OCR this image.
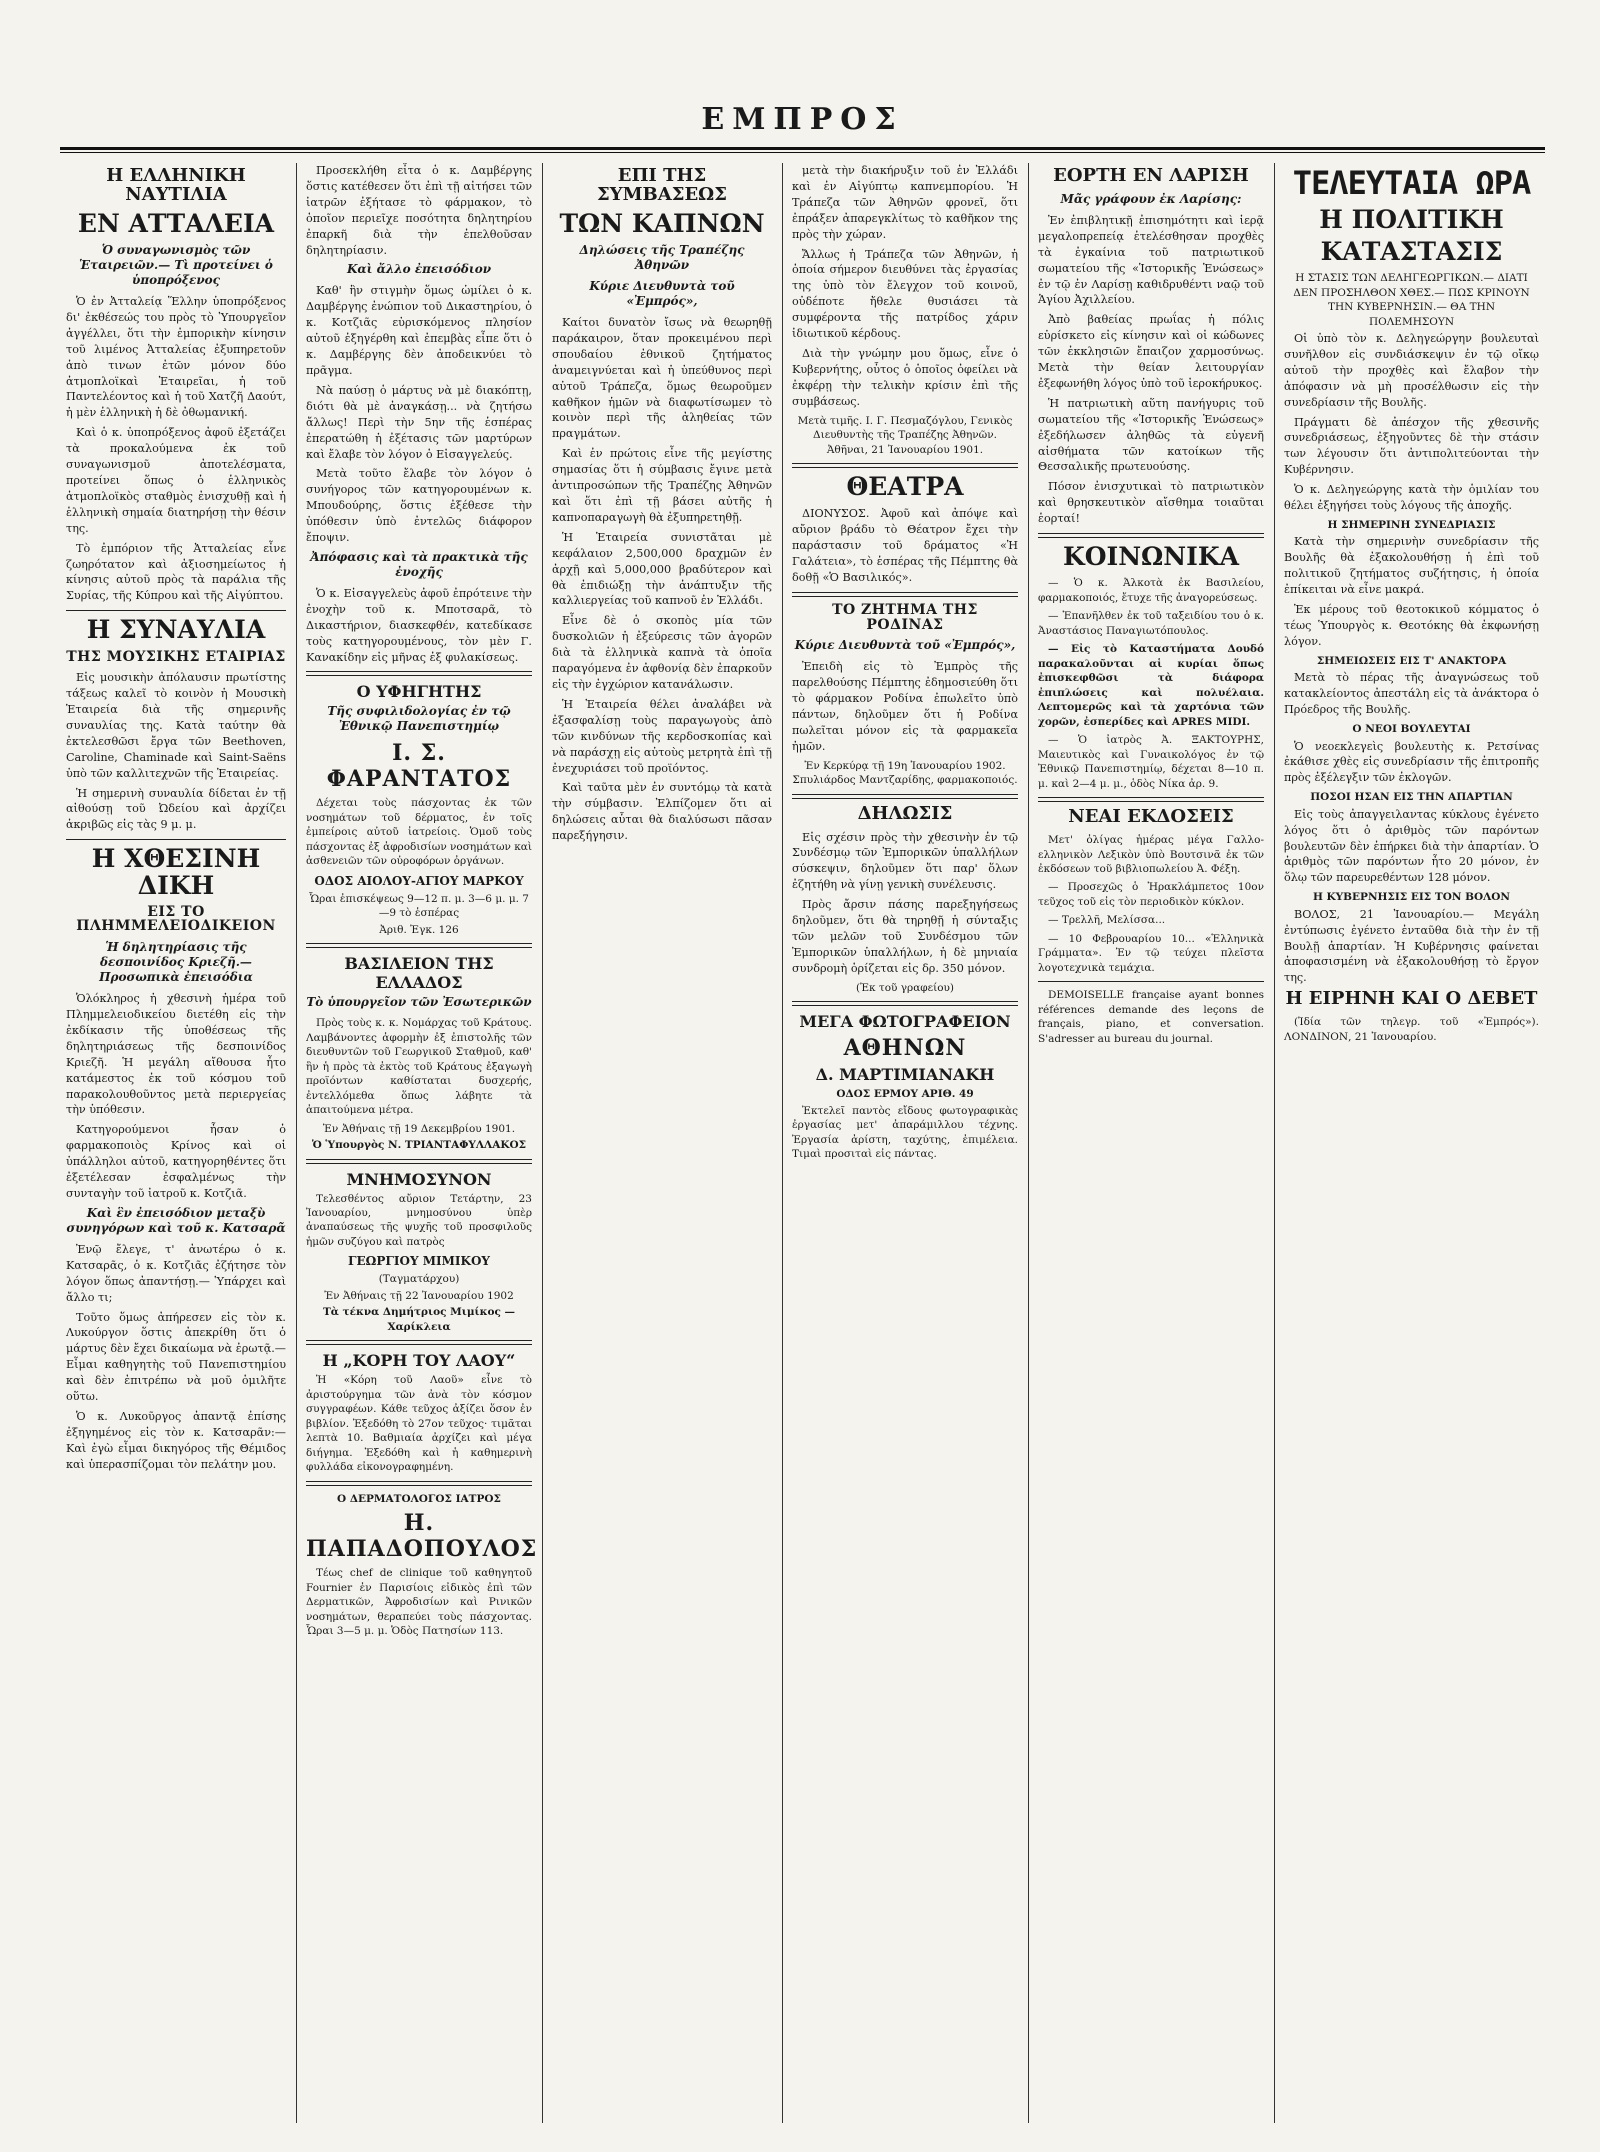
ΕΜΠΡΟΣ
Η ΕΛΛΗΝΙΚΗ ΝΑΥΤΙΛΙΑ
ΕΝ ΑΤΤΑΛΕΙΑ
Ὁ συναγωνισμὸς τῶν Ἑταιρειῶν.— Τὶ προτείνει ὁ ὑποπρόξενος

Ὁ ἐν Ἀτταλείᾳ Ἕλλην ὑποπρόξενος δι' ἐκθέσεώς του πρὸς τὸ Ὑπουργεῖον ἀγγέλλει, ὅτι τὴν ἐμπορικὴν κίνησιν τοῦ λιμένος Ἀτταλείας ἐξυπηρετοῦν ἀπὸ τινων ἐτῶν μόνον δύο ἀτμοπλοϊκαὶ Ἑταιρεῖαι, ἡ τοῦ Παντελέοντος καὶ ἡ τοῦ Χατζῆ Δαούτ, ἡ μὲν ἑλληνικὴ ἡ δὲ ὀθωμανική.

Καὶ ὁ κ. ὑποπρόξενος ἀφοῦ ἐξετάζει τὰ προκαλούμενα ἐκ τοῦ συναγωνισμοῦ ἀποτελέσματα, προτείνει ὅπως ὁ ἑλληνικὸς ἀτμοπλοϊκὸς σταθμὸς ἐνισχυθῇ καὶ ἡ ἑλληνικὴ σημαία διατηρήσῃ τὴν θέσιν της.

Τὸ ἐμπόριον τῆς Ἀτταλείας εἶνε ζωηρότατον καὶ ἀξιοσημείωτος ἡ κίνησις αὐτοῦ πρὸς τὰ παράλια τῆς Συρίας, τῆς Κύπρου καὶ τῆς Αἰγύπτου.

Η ΣΥΝΑΥΛΙΑ
ΤΗΣ ΜΟΥΣΙΚΗΣ ΕΤΑΙΡΙΑΣ

Εἰς μουσικὴν ἀπόλαυσιν πρωτίστης τάξεως καλεῖ τὸ κοινὸν ἡ Μουσικὴ Ἑταιρεία διὰ τῆς σημερινῆς συναυλίας της. Κατὰ ταύτην θὰ ἐκτελεσθῶσι ἔργα τῶν Beethoven, Caroline, Chaminade καὶ Saint-Saëns ὑπὸ τῶν καλλιτεχνῶν τῆς Ἑταιρείας.

Ἡ σημερινὴ συναυλία δίδεται ἐν τῇ αἰθούσῃ τοῦ Ὠδείου καὶ ἀρχίζει ἀκριβῶς εἰς τὰς 9 μ. μ.

Η ΧΘΕΣΙΝΗ ΔΙΚΗ
ΕΙΣ ΤΟ ΠΛΗΜΜΕΛΕΙΟΔΙΚΕΙΟΝ
Ἡ δηλητηρίασις τῆς δεσποινίδος Κριεζῆ.— Προσωπικὰ ἐπεισόδια

Ὁλόκληρος ἡ χθεσινὴ ἡμέρα τοῦ Πλημμελειοδικείου διετέθη εἰς τὴν ἐκδίκασιν τῆς ὑποθέσεως τῆς δηλητηριάσεως τῆς δεσποινίδος Κριεζῆ. Ἡ μεγάλη αἴθουσα ἦτο κατάμεστος ἐκ τοῦ κόσμου τοῦ παρακολουθοῦντος μετὰ περιεργείας τὴν ὑπόθεσιν.

Κατηγορούμενοι ἦσαν ὁ φαρμακοποιὸς Κρίνος καὶ οἱ ὑπάλληλοι αὐτοῦ, κατηγορηθέντες ὅτι ἐξετέλεσαν ἐσφαλμένως τὴν συνταγὴν τοῦ ἰατροῦ κ. Κοτζιᾶ.

Καὶ ἓν ἐπεισόδιον μεταξὺ συνηγόρων καὶ τοῦ κ. Κατσαρᾶ

Ἐνῷ ἔλεγε, τ' ἀνωτέρω ὁ κ. Κατσαρᾶς, ὁ κ. Κοτζιᾶς ἐζήτησε τὸν λόγον ὅπως ἀπαντήσῃ.— Ὑπάρχει καὶ ἄλλο τι;

Τοῦτο ὅμως ἀπήρεσεν εἰς τὸν κ. Λυκούργον ὅστις ἀπεκρίθη ὅτι ὁ μάρτυς δὲν ἔχει δικαίωμα νὰ ἐρωτᾷ.— Εἶμαι καθηγητὴς τοῦ Πανεπιστημίου καὶ δὲν ἐπιτρέπω νὰ μοῦ ὁμιλῆτε οὕτω.

Ὁ κ. Λυκοῦργος ἀπαντᾷ ἐπίσης ἐξηγημένος εἰς τὸν κ. Κατσαρᾶν:— Καὶ ἐγὼ εἶμαι δικηγόρος τῆς Θέμιδος καὶ ὑπερασπίζομαι τὸν πελάτην μου.

Προσεκλήθη εἶτα ὁ κ. Δαμβέργης ὅστις κατέθεσεν ὅτι ἐπὶ τῇ αἰτήσει τῶν ἰατρῶν ἐξήτασε τὸ φάρμακον, τὸ ὁποῖον περιεῖχε ποσότητα δηλητηρίου ἐπαρκῆ διὰ τὴν ἐπελθοῦσαν δηλητηρίασιν.

Καὶ ἄλλο ἐπεισόδιον

Καθ' ἣν στιγμὴν ὅμως ὡμίλει ὁ κ. Δαμβέργης ἐνώπιον τοῦ Δικαστηρίου, ὁ κ. Κοτζιᾶς εὑρισκόμενος πλησίον αὐτοῦ ἐξηγέρθη καὶ ἐπεμβὰς εἶπε ὅτι ὁ κ. Δαμβέργης δὲν ἀποδεικνύει τὸ πρᾶγμα.

Νὰ παύσῃ ὁ μάρτυς νὰ μὲ διακόπτῃ, διότι θὰ μὲ ἀναγκάσῃ... νὰ ζητήσω ἄλλως! Περὶ τὴν 5ην τῆς ἑσπέρας ἐπερατώθη ἡ ἐξέτασις τῶν μαρτύρων καὶ ἔλαβε τὸν λόγον ὁ Εἰσαγγελεύς.

Μετὰ τοῦτο ἔλαβε τὸν λόγον ὁ συνήγορος τῶν κατηγορουμένων κ. Μπουδούρης, ὅστις ἐξέθεσε τὴν ὑπόθεσιν ὑπὸ ἐντελῶς διάφορον ἔποψιν.

Ἀπόφασις καὶ τὰ πρακτικὰ τῆς ἐνοχῆς

Ὁ κ. Εἰσαγγελεὺς ἀφοῦ ἐπρότεινε τὴν ἐνοχὴν τοῦ κ. Μποτσαρᾶ, τὸ Δικαστήριον, διασκεφθέν, κατεδίκασε τοὺς κατηγορουμένους, τὸν μὲν Γ. Κανακίδην εἰς μῆνας ἐξ φυλακίσεως.

Ο ΥΦΗΓΗΤΗΣ
Τῆς συφιλιδολογίας ἐν τῷ Ἐθνικῷ Πανεπιστημίῳ
Ι. Σ. ΦΑΡΑΝΤΑΤΟΣ

Δέχεται τοὺς πάσχοντας ἐκ τῶν νοσημάτων τοῦ δέρματος, ἐν τοῖς ἐμπείροις αὐτοῦ ἰατρείοις. Ὁμοῦ τοὺς πάσχοντας ἐξ ἀφροδισίων νοσημάτων καὶ ἀσθενειῶν τῶν οὐροφόρων ὀργάνων.

ΟΔΟΣ ΑΙΟΛΟΥ-ΑΓΙΟΥ ΜΑΡΚΟΥ
Ὧραι ἐπισκέψεως 9—12 π. μ. 3—6 μ. μ. 7—9 τὸ ἑσπέρας
Ἀριθ. Ἐγκ. 126
ΒΑΣΙΛΕΙΟΝ ΤΗΣ ΕΛΛΑΔΟΣ
Τὸ ὑπουργεῖον τῶν Ἐσωτερικῶν

Πρὸς τοὺς κ. κ. Νομάρχας τοῦ Κράτους. Λαμβάνοντες ἀφορμὴν ἐξ ἐπιστολῆς τῶν διευθυντῶν τοῦ Γεωργικοῦ Σταθμοῦ, καθ' ἣν ἡ πρὸς τὰ ἐκτὸς τοῦ Κράτους ἐξαγωγὴ προϊόντων καθίσταται δυσχερής, ἐντελλόμεθα ὅπως λάβητε τὰ ἀπαιτούμενα μέτρα.

Ἐν Ἀθήναις τῇ 19 Δεκεμβρίου 1901.
Ὁ Ὑπουργὸς Ν. ΤΡΙΑΝΤΑΦΥΛΛΑΚΟΣ
ΜΝΗΜΟΣΥΝΟΝ

Τελεσθέντος αὔριον Τετάρτην, 23 Ἰανουαρίου, μνημοσύνου ὑπὲρ ἀναπαύσεως τῆς ψυχῆς τοῦ προσφιλοῦς ἡμῶν συζύγου καὶ πατρὸς

ΓΕΩΡΓΙΟΥ ΜΙΜΙΚΟΥ
(Ταγματάρχου)
Ἐν Ἀθήναις τῇ 22 Ἰανουαρίου 1902
Τὰ τέκνα Δημήτριος Μιμίκος — Χαρίκλεια
Η „ΚΟΡΗ ΤΟΥ ΛΑΟΥ“

Ἡ «Κόρη τοῦ Λαοῦ» εἶνε τὸ ἀριστούργημα τῶν ἀνὰ τὸν κόσμον συγγραφέων. Κάθε τεῦχος ἀξίζει ὅσον ἐν βιβλίον. Ἐξεδόθη τὸ 27ον τεῦχος· τιμᾶται λεπτὰ 10. Βαθμιαία ἀρχίζει καὶ μέγα διήγημα. Ἐξεδόθη καὶ ἡ καθημερινὴ φυλλάδα εἰκονογραφημένη.

Ο ΔΕΡΜΑΤΟΛΟΓΟΣ ΙΑΤΡΟΣ
Η. ΠΑΠΑΔΟΠΟΥΛΟΣ

Τέως chef de clinique τοῦ καθηγητοῦ Fournier ἐν Παρισίοις εἰδικὸς ἐπὶ τῶν Δερματικῶν, Ἀφροδισίων καὶ Ρινικῶν νοσημάτων, θεραπεύει τοὺς πάσχοντας. Ὧραι 3—5 μ. μ. Ὁδὸς Πατησίων 113.

ΕΠΙ ΤΗΣ ΣΥΜΒΑΣΕΩΣ
ΤΩΝ ΚΑΠΝΩΝ
Δηλώσεις τῆς Τραπέζης Ἀθηνῶν
Κύριε Διευθυντὰ τοῦ «Ἐμπρός»,

Καίτοι δυνατὸν ἴσως νὰ θεωρηθῇ παράκαιρον, ὅταν προκειμένου περὶ σπουδαίου ἐθνικοῦ ζητήματος ἀναμειγνύεται καὶ ἡ ὑπεύθυνος περὶ αὐτοῦ Τράπεζα, ὅμως θεωροῦμεν καθῆκον ἡμῶν νὰ διαφωτίσωμεν τὸ κοινὸν περὶ τῆς ἀληθείας τῶν πραγμάτων.

Καὶ ἐν πρώτοις εἶνε τῆς μεγίστης σημασίας ὅτι ἡ σύμβασις ἔγινε μετὰ ἀντιπροσώπων τῆς Τραπέζης Ἀθηνῶν καὶ ὅτι ἐπὶ τῇ βάσει αὐτῆς ἡ καπνοπαραγωγὴ θὰ ἐξυπηρετηθῇ.

Ἡ Ἑταιρεία συνιστᾶται μὲ κεφάλαιον 2,500,000 δραχμῶν ἐν ἀρχῇ καὶ 5,000,000 βραδύτερον καὶ θὰ ἐπιδιώξῃ τὴν ἀνάπτυξιν τῆς καλλιεργείας τοῦ καπνοῦ ἐν Ἑλλάδι.

Εἶνε δὲ ὁ σκοπὸς μία τῶν δυσκολιῶν ἡ ἐξεύρεσις τῶν ἀγορῶν διὰ τὰ ἑλληνικὰ καπνὰ τὰ ὁποῖα παραγόμενα ἐν ἀφθονίᾳ δὲν ἐπαρκοῦν εἰς τὴν ἐγχώριον κατανάλωσιν.

Ἡ Ἑταιρεία θέλει ἀναλάβει νὰ ἐξασφαλίσῃ τοὺς παραγωγοὺς ἀπὸ τῶν κινδύνων τῆς κερδοσκοπίας καὶ νὰ παράσχῃ εἰς αὐτοὺς μετρητὰ ἐπὶ τῇ ἐνεχυριάσει τοῦ προϊόντος.

Καὶ ταῦτα μὲν ἐν συντόμῳ τὰ κατὰ τὴν σύμβασιν. Ἐλπίζομεν ὅτι αἱ δηλώσεις αὗται θὰ διαλύσωσι πᾶσαν παρεξήγησιν.

μετὰ τὴν διακήρυξιν τοῦ ἐν Ἑλλάδι καὶ ἐν Αἰγύπτῳ καπνεμπορίου. Ἡ Τράπεζα τῶν Ἀθηνῶν φρονεῖ, ὅτι ἐπράξεν ἀπαρεγκλίτως τὸ καθῆκον της πρὸς τὴν χώραν.

Ἄλλως ἡ Τράπεζα τῶν Ἀθηνῶν, ἡ ὁποία σήμερον διευθύνει τὰς ἐργασίας της ὑπὸ τὸν ἔλεγχον τοῦ κοινοῦ, οὐδέποτε ἤθελε θυσιάσει τὰ συμφέροντα τῆς πατρίδος χάριν ἰδιωτικοῦ κέρδους.

Διὰ τὴν γνώμην μου ὅμως, εἶνε ὁ Κυβερνήτης, οὗτος ὁ ὁποῖος ὀφείλει νὰ ἐκφέρῃ τὴν τελικὴν κρίσιν ἐπὶ τῆς συμβάσεως.

Μετὰ τιμῆς. Ι. Γ. Πεσμαζόγλου, Γενικὸς Διευθυντὴς τῆς Τραπέζης Ἀθηνῶν. Ἀθῆναι, 21 Ἰανουαρίου 1901.
ΘΕΑΤΡΑ

ΔΙΟΝΥΣΟΣ. Ἀφοῦ καὶ ἀπόψε καὶ αὔριον βράδυ τὸ Θέατρον ἔχει τὴν παράστασιν τοῦ δράματος «Ἡ Γαλάτεια», τὸ ἑσπέρας τῆς Πέμπτης θὰ δοθῇ «Ὁ Βασιλικός».

ΤΟ ΖΗΤΗΜΑ ΤΗΣ ΡΟΔΙΝΑΣ
Κύριε Διευθυντὰ τοῦ «Ἐμπρός»,

Ἐπειδὴ εἰς τὸ Ἐμπρὸς τῆς παρελθούσης Πέμπτης ἐδημοσιεύθη ὅτι τὸ φάρμακον Ροδίνα ἐπωλεῖτο ὑπὸ πάντων, δηλοῦμεν ὅτι ἡ Ροδίνα πωλεῖται μόνον εἰς τὰ φαρμακεῖα ἡμῶν.

Ἐν Κερκύρᾳ τῇ 19η Ἰανουαρίου 1902. Σπυλιάρδος Μαντζαρίδης, φαρμακοποιός.
ΔΗΛΩΣΙΣ

Εἰς σχέσιν πρὸς τὴν χθεσινὴν ἐν τῷ Συνδέσμῳ τῶν Ἐμπορικῶν ὑπαλλήλων σύσκεψιν, δηλοῦμεν ὅτι παρ' ὅλων ἐζητήθη νὰ γίνῃ γενικὴ συνέλευσις.

Πρὸς ἄρσιν πάσης παρεξηγήσεως δηλοῦμεν, ὅτι θὰ τηρηθῇ ἡ σύνταξις τῶν μελῶν τοῦ Συνδέσμου τῶν Ἐμπορικῶν ὑπαλλήλων, ἡ δὲ μηνιαία συνδρομὴ ὁρίζεται εἰς δρ. 350 μόνον.

(Ἐκ τοῦ γραφείου)
ΜΕΓΑ ΦΩΤΟΓΡΑΦΕΙΟΝ
ΑΘΗΝΩΝ
Δ. ΜΑΡΤΙΜΙΑΝΑΚΗ
ΟΔΟΣ ΕΡΜΟΥ ΑΡΙΘ. 49

Ἐκτελεῖ παντὸς εἴδους φωτογραφικὰς ἐργασίας μετ' ἀπαράμιλλου τέχνης. Ἐργασία ἀρίστη, ταχύτης, ἐπιμέλεια. Τιμαὶ προσιταὶ εἰς πάντας.

ΕΟΡΤΗ ΕΝ ΛΑΡΙΣΗ
Μᾶς γράφουν ἐκ Λαρίσης:

Ἐν ἐπιβλητικῇ ἐπισημότητι καὶ ἱερᾷ μεγαλοπρεπείᾳ ἐτελέσθησαν προχθὲς τὰ ἐγκαίνια τοῦ πατριωτικοῦ σωματείου τῆς «Ἱστορικῆς Ἑνώσεως» ἐν τῷ ἐν Λαρίσῃ καθιδρυθέντι ναῷ τοῦ Ἁγίου Ἀχιλλείου.

Ἀπὸ βαθείας πρωΐας ἡ πόλις εὑρίσκετο εἰς κίνησιν καὶ οἱ κώδωνες τῶν ἐκκλησιῶν ἔπαιζον χαρμοσύνως. Μετὰ τὴν θείαν λειτουργίαν ἐξεφωνήθη λόγος ὑπὸ τοῦ ἱεροκήρυκος.

Ἡ πατριωτικὴ αὕτη πανήγυρις τοῦ σωματείου τῆς «Ἱστορικῆς Ἑνώσεως» ἐξεδήλωσεν ἀληθῶς τὰ εὐγενῆ αἰσθήματα τῶν κατοίκων τῆς Θεσσαλικῆς πρωτευούσης.

Πόσον ἐνισχυτικαὶ τὸ πατριωτικὸν καὶ θρησκευτικὸν αἴσθημα τοιαῦται ἑορταί!

ΚΟΙΝΩΝΙΚΑ

— Ὁ κ. Ἀλκοτὰ ἐκ Βασιλείου, φαρμακοποιός, ἔτυχε τῆς ἀναγορεύσεως.

— Ἐπανῆλθεν ἐκ τοῦ ταξειδίου του ὁ κ. Ἀναστάσιος Παναγιωτόπουλος.

— Εἰς τὸ Καταστήματα Δουδό παρακαλοῦνται αἱ κυρίαι ὅπως ἐπισκεφθῶσι τὰ διάφορα ἐπιπλώσεις καὶ πολυέλαια. Λεπτομερῶς καὶ τὰ χαρτόνια τῶν χορῶν, ἐσπερίδες καὶ APRES MIDI.

— Ὁ ἰατρὸς Ἀ. ΞΑΚΤΟΥΡΗΣ, Μαιευτικὸς καὶ Γυναικολόγος ἐν τῷ Ἐθνικῷ Πανεπιστημίῳ, δέχεται 8—10 π. μ. καὶ 2—4 μ. μ., ὁδὸς Νίκα ἀρ. 9.

ΝΕΑΙ ΕΚΔΟΣΕΙΣ

Μετ' ὀλίγας ἡμέρας μέγα Γαλλο-ελληνικὸν Λεξικὸν ὑπὸ Βουτσινᾶ ἐκ τῶν ἐκδόσεων τοῦ βιβλιοπωλείου Ἀ. Φέξη.

— Προσεχῶς ὁ Ἠρακλάμπετος 10ον τεῦχος τοῦ εἰς τὸν περιοδικὸν κύκλον.

— Τρελλῆ, Μελίσσα...

— 10 Φεβρουαρίου 10... «Ἑλληνικὰ Γράμματα». Ἐν τῷ τεύχει πλεῖστα λογοτεχνικὰ τεμάχια.

DEMOISELLE française ayant bonnes références demande des leçons de français, piano, et conversation. S'adresser au bureau du journal.

ΤΕΛΕΥΤΑΙΑ ΩΡΑ
Η ΠΟΛΙΤΙΚΗ
ΚΑΤΑΣΤΑΣΙΣ
Η ΣΤΑΣΙΣ ΤΩΝ ΔΕΛΗΓΕΩΡΓΙΚΩΝ.— ΔΙΑΤΙ ΔΕΝ ΠΡΟΣΗΛΘΟΝ ΧΘΕΣ.— ΠΩΣ ΚΡΙΝΟΥΝ ΤΗΝ ΚΥΒΕΡΝΗΣΙΝ.— ΘΑ ΤΗΝ ΠΟΛΕΜΗΣΟΥΝ

Οἱ ὑπὸ τὸν κ. Δεληγεώργην βουλευταὶ συνῆλθον εἰς συνδιάσκεψιν ἐν τῷ οἴκῳ αὐτοῦ τὴν προχθὲς καὶ ἔλαβον τὴν ἀπόφασιν νὰ μὴ προσέλθωσιν εἰς τὴν συνεδρίασιν τῆς Βουλῆς.

Πράγματι δὲ ἀπέσχον τῆς χθεσινῆς συνεδριάσεως, ἐξηγοῦντες δὲ τὴν στάσιν των λέγουσιν ὅτι ἀντιπολιτεύονται τὴν Κυβέρνησιν.

Ὁ κ. Δεληγεώργης κατὰ τὴν ὁμιλίαν του θέλει ἐξηγήσει τοὺς λόγους τῆς ἀποχῆς.

Η ΣΗΜΕΡΙΝΗ ΣΥΝΕΔΡΙΑΣΙΣ

Κατὰ τὴν σημερινὴν συνεδρίασιν τῆς Βουλῆς θὰ ἐξακολουθήσῃ ἡ ἐπὶ τοῦ πολιτικοῦ ζητήματος συζήτησις, ἡ ὁποία ἐπίκειται νὰ εἶνε μακρά.

Ἐκ μέρους τοῦ θεοτοκικοῦ κόμματος ὁ τέως Ὑπουργὸς κ. Θεοτόκης θὰ ἐκφωνήσῃ λόγον.

ΣΗΜΕΙΩΣΕΙΣ ΕΙΣ Τ' ΑΝΑΚΤΟΡΑ

Μετὰ τὸ πέρας τῆς ἀναγνώσεως τοῦ κατακλείοντος ἀπεστάλη εἰς τὰ ἀνάκτορα ὁ Πρόεδρος τῆς Βουλῆς.

Ο ΝΕΟΙ ΒΟΥΛΕΥΤΑΙ

Ὁ νεοεκλεγεὶς βουλευτὴς κ. Ρετσίνας ἐκάθισε χθὲς εἰς συνεδρίασιν τῆς ἐπιτροπῆς πρὸς ἐξέλεγξιν τῶν ἐκλογῶν.

ΠΟΣΟΙ ΗΣΑΝ ΕΙΣ ΤΗΝ ΑΠΑΡΤΙΑΝ

Εἰς τοὺς ἀπαγγειλαντας κύκλους ἐγένετο λόγος ὅτι ὁ ἀριθμὸς τῶν παρόντων βουλευτῶν δὲν ἐπήρκει διὰ τὴν ἀπαρτίαν. Ὁ ἀριθμὸς τῶν παρόντων ἦτο 20 μόνον, ἐν ὅλῳ τῶν παρευρεθέντων 128 μόνον.

Η ΚΥΒΕΡΝΗΣΙΣ ΕΙΣ ΤΟΝ ΒΟΛΟΝ

ΒΟΛΟΣ, 21 Ἰανουαρίου.— Μεγάλη ἐντύπωσις ἐγένετο ἐνταῦθα διὰ τὴν ἐν τῇ Βουλῇ ἀπαρτίαν. Ἡ Κυβέρνησις φαίνεται ἀποφασισμένη νὰ ἐξακολουθήσῃ τὸ ἔργον της.

Η ΕΙΡΗΝΗ ΚΑΙ Ο ΔΕΒΕΤ

(Ἰδία τῶν τηλεγρ. τοῦ «Ἐμπρός»). ΛΟΝΔΙΝΟΝ, 21 Ἰανουαρίου.
